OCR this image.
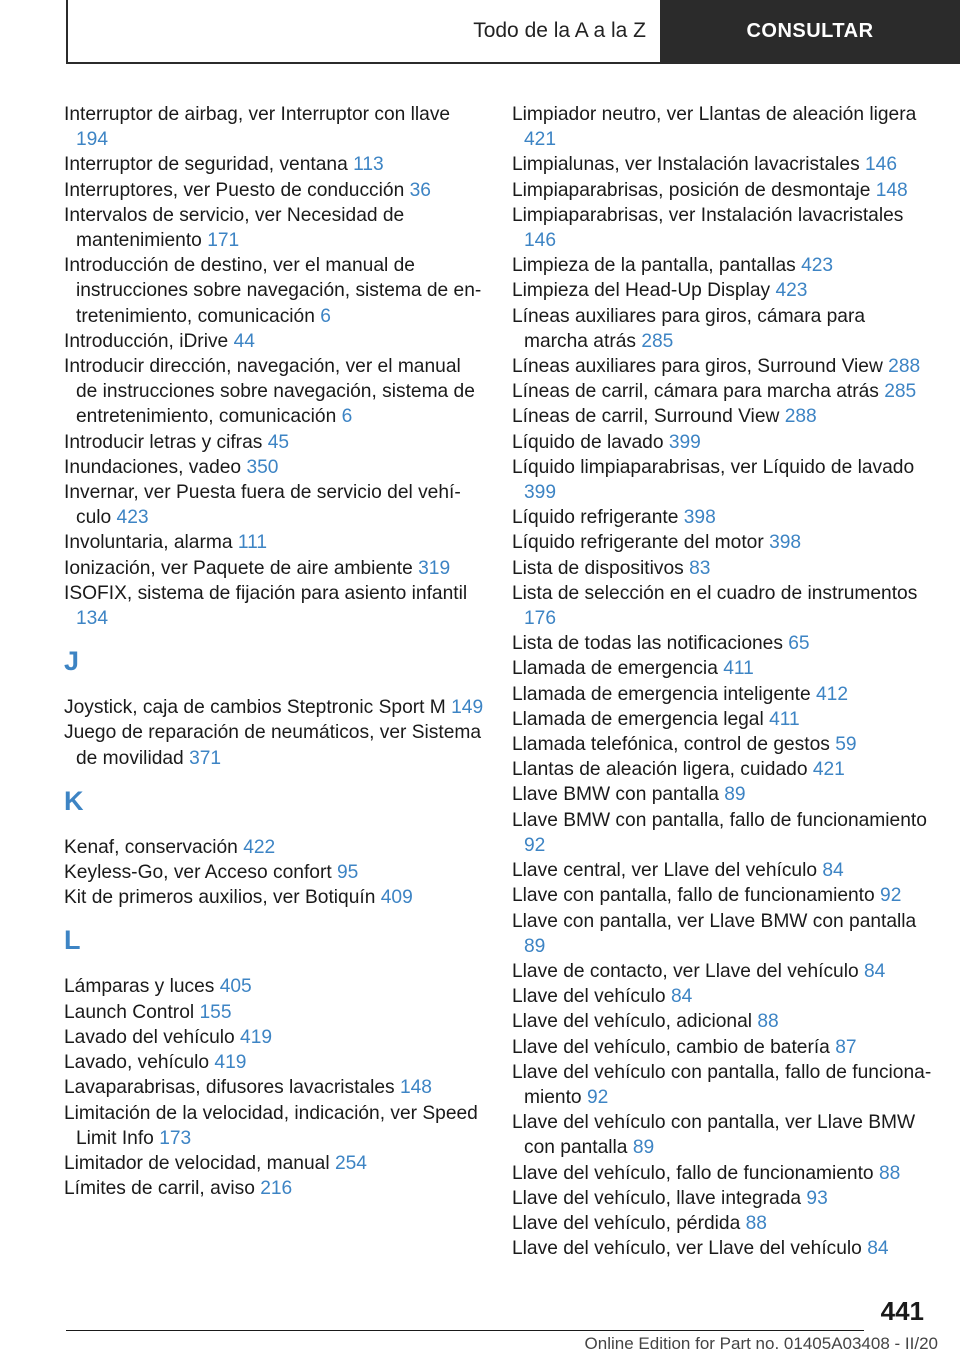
Todo de la A a la Z	CONSULTAR
Interruptor de airbag, ver Interruptor con llave 194
Interruptor de seguridad, ventana 113
Interruptores, ver Puesto de conducción 36
Intervalos de servicio, ver Necesidad de mantenimiento 171
Introducción de destino, ver el manual de instrucciones sobre navegación, sistema de entretenimiento, comunicación 6
Introducción, iDrive 44
Introducir dirección, navegación, ver el manual de instrucciones sobre navegación, sistema de entretenimiento, comunicación 6
Introducir letras y cifras 45
Inundaciones, vadeo 350
Invernar, ver Puesta fuera de servicio del vehículo 423
Involuntaria, alarma 111
Ionización, ver Paquete de aire ambiente 319
ISOFIX, sistema de fijación para asiento infantil 134
J
Joystick, caja de cambios Steptronic Sport M 149
Juego de reparación de neumáticos, ver Sistema de movilidad 371
K
Kenaf, conservación 422
Keyless-Go, ver Acceso confort 95
Kit de primeros auxilios, ver Botiquín 409
L
Lámparas y luces 405
Launch Control 155
Lavado del vehículo 419
Lavado, vehículo 419
Lavaparabrisas, difusores lavacristales 148
Limitación de la velocidad, indicación, ver Speed Limit Info 173
Limitador de velocidad, manual 254
Límites de carril, aviso 216
Limpiador neutro, ver Llantas de aleación ligera 421
Limpialunas, ver Instalación lavacristales 146
Limpiaparabrisas, posición de desmontaje 148
Limpiaparabrisas, ver Instalación lavacristales 146
Limpieza de la pantalla, pantallas 423
Limpieza del Head-Up Display 423
Líneas auxiliares para giros, cámara para marcha atrás 285
Líneas auxiliares para giros, Surround View 288
Líneas de carril, cámara para marcha atrás 285
Líneas de carril, Surround View 288
Líquido de lavado 399
Líquido limpiaparabrisas, ver Líquido de lavado 399
Líquido refrigerante 398
Líquido refrigerante del motor 398
Lista de dispositivos 83
Lista de selección en el cuadro de instrumentos 176
Lista de todas las notificaciones 65
Llamada de emergencia 411
Llamada de emergencia inteligente 412
Llamada de emergencia legal 411
Llamada telefónica, control de gestos 59
Llantas de aleación ligera, cuidado 421
Llave BMW con pantalla 89
Llave BMW con pantalla, fallo de funcionamiento 92
Llave central, ver Llave del vehículo 84
Llave con pantalla, fallo de funcionamiento 92
Llave con pantalla, ver Llave BMW con pantalla 89
Llave de contacto, ver Llave del vehículo 84
Llave del vehículo 84
Llave del vehículo, adicional 88
Llave del vehículo, cambio de batería 87
Llave del vehículo con pantalla, fallo de funcionamiento 92
Llave del vehículo con pantalla, ver Llave BMW con pantalla 89
Llave del vehículo, fallo de funcionamiento 88
Llave del vehículo, llave integrada 93
Llave del vehículo, pérdida 88
Llave del vehículo, ver Llave del vehículo 84
441
Online Edition for Part no. 01405A03408 - II/20
